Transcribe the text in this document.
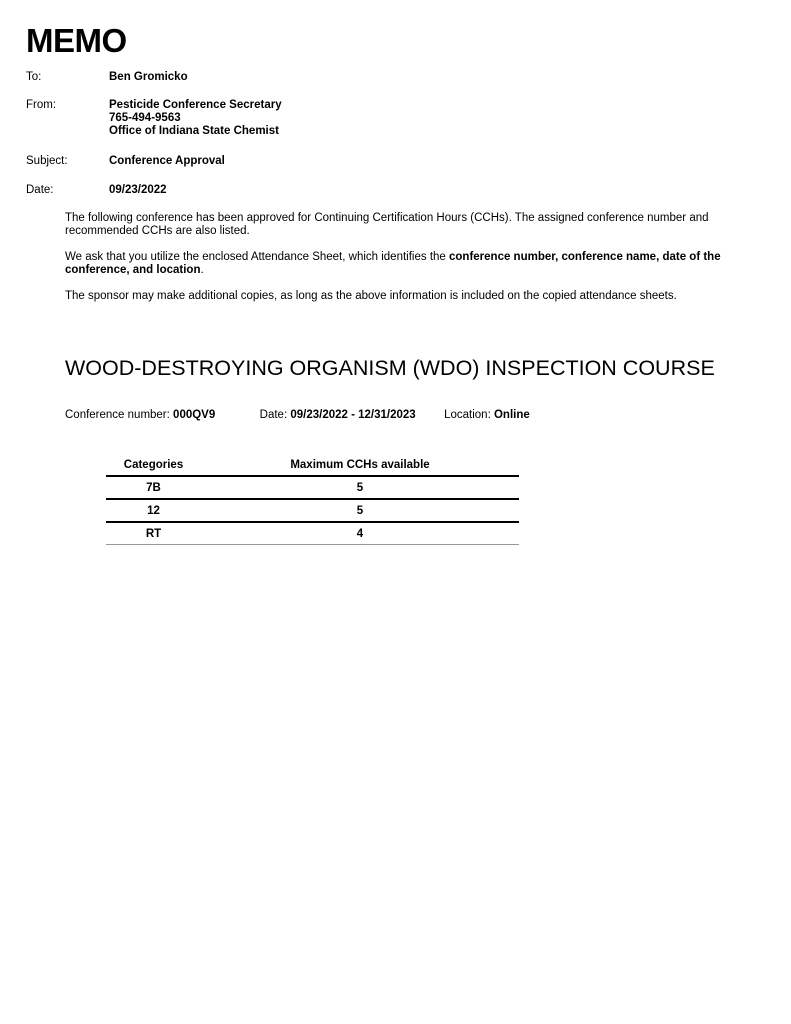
MEMO
To:	Ben Gromicko
From:	Pesticide Conference Secretary
765-494-9563
Office of Indiana State Chemist
Subject:	Conference Approval
Date:	09/23/2022
The following conference has been approved for Continuing Certification Hours (CCHs). The assigned conference number and recommended CCHs are also listed.
We ask that you utilize the enclosed Attendance Sheet, which identifies the conference number, conference name, date of the conference, and location.
The sponsor may make additional copies, as long as the above information is included on the copied attendance sheets.
WOOD-DESTROYING ORGANISM (WDO) INSPECTION COURSE
Conference number: 000QV9	Date: 09/23/2022 - 12/31/2023 Location: Online
Categories	Maximum CCHs available
7B	5
12	5
RT	4
